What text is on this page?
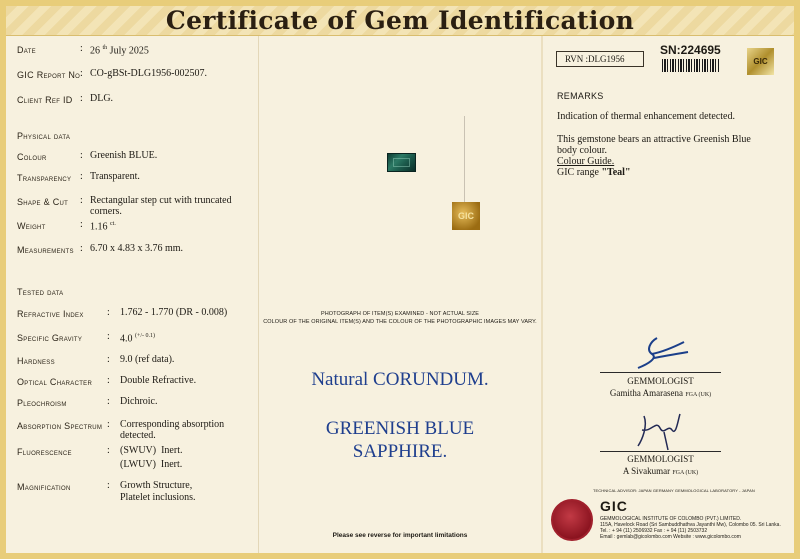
Certificate of Gem Identification
Date	: 26 $^{th}$ July 2025
GIC Report No : CO-gBSt-DLG1956-002507.
Client Ref ID : DLG.
Physical data
Colour	: Greenish BLUE.
Transparency : Transparent.
Shape & Cut : Rectangular step cut with truncated
corners.
Weight	: 1.16 $^{ct.}$
Measurements : 6.70 x 4.83 x 3.76 mm.
Tested data
Refractive Index : 1.762 - 1.770 (DR - 0.008)
Specific Gravity : 4.0 $^{(+/- 0.1)}$
Hardness	: 9.0 (ref data).
Optical Character : Double Refractive.
Pleochroism	: Dichroic.
Absorption Spectrum : Corresponding absorption
detected.
Fluorescence	: (SWUV)  Inert.
(LWUV)  Inert.
Magnification	: Growth Structure,
Platelet inclusions.
GIC
PHOTOGRAPH OF ITEM(S) EXAMINED - NOT ACTUAL SIZE
COLOUR OF THE ORIGINAL ITEM(S) AND THE COLOUR OF THE PHOTOGRAPHIC IMAGES MAY VARY.
Natural CORUNDUM.
GREENISH BLUE
SAPPHIRE.
Please see reverse for important limitations
RVN :DLG1956
SN:224695
GIC
REMARKS
Indication of thermal enhancement detected.
This gemstone bears an attractive Greenish Blue
body colour.
Colour Guide.
GIC range "Teal"
GEMMOLOGIST
Gamitha Amarasena FGA (UK)
GEMMOLOGIST
A Sivakumar FGA (UK)
TECHNICAL ADVISOR: JAPAN GERMANY GEMMOLOGICAL LABORATORY - JAPAN
GIC
GEMMOLOGICAL INSTITUTE OF COLOMBO (PVT.) LIMITED.
115A, Havelock Road (Sri Sambuddhathva Jayanthi Mw), Colombo 05. Sri Lanka.
Tel. : + 94 (11) 2506932 Fax : + 94 (11) 2503732
Email : gemlab@gicolombo.com Website : www.gicolombo.com
